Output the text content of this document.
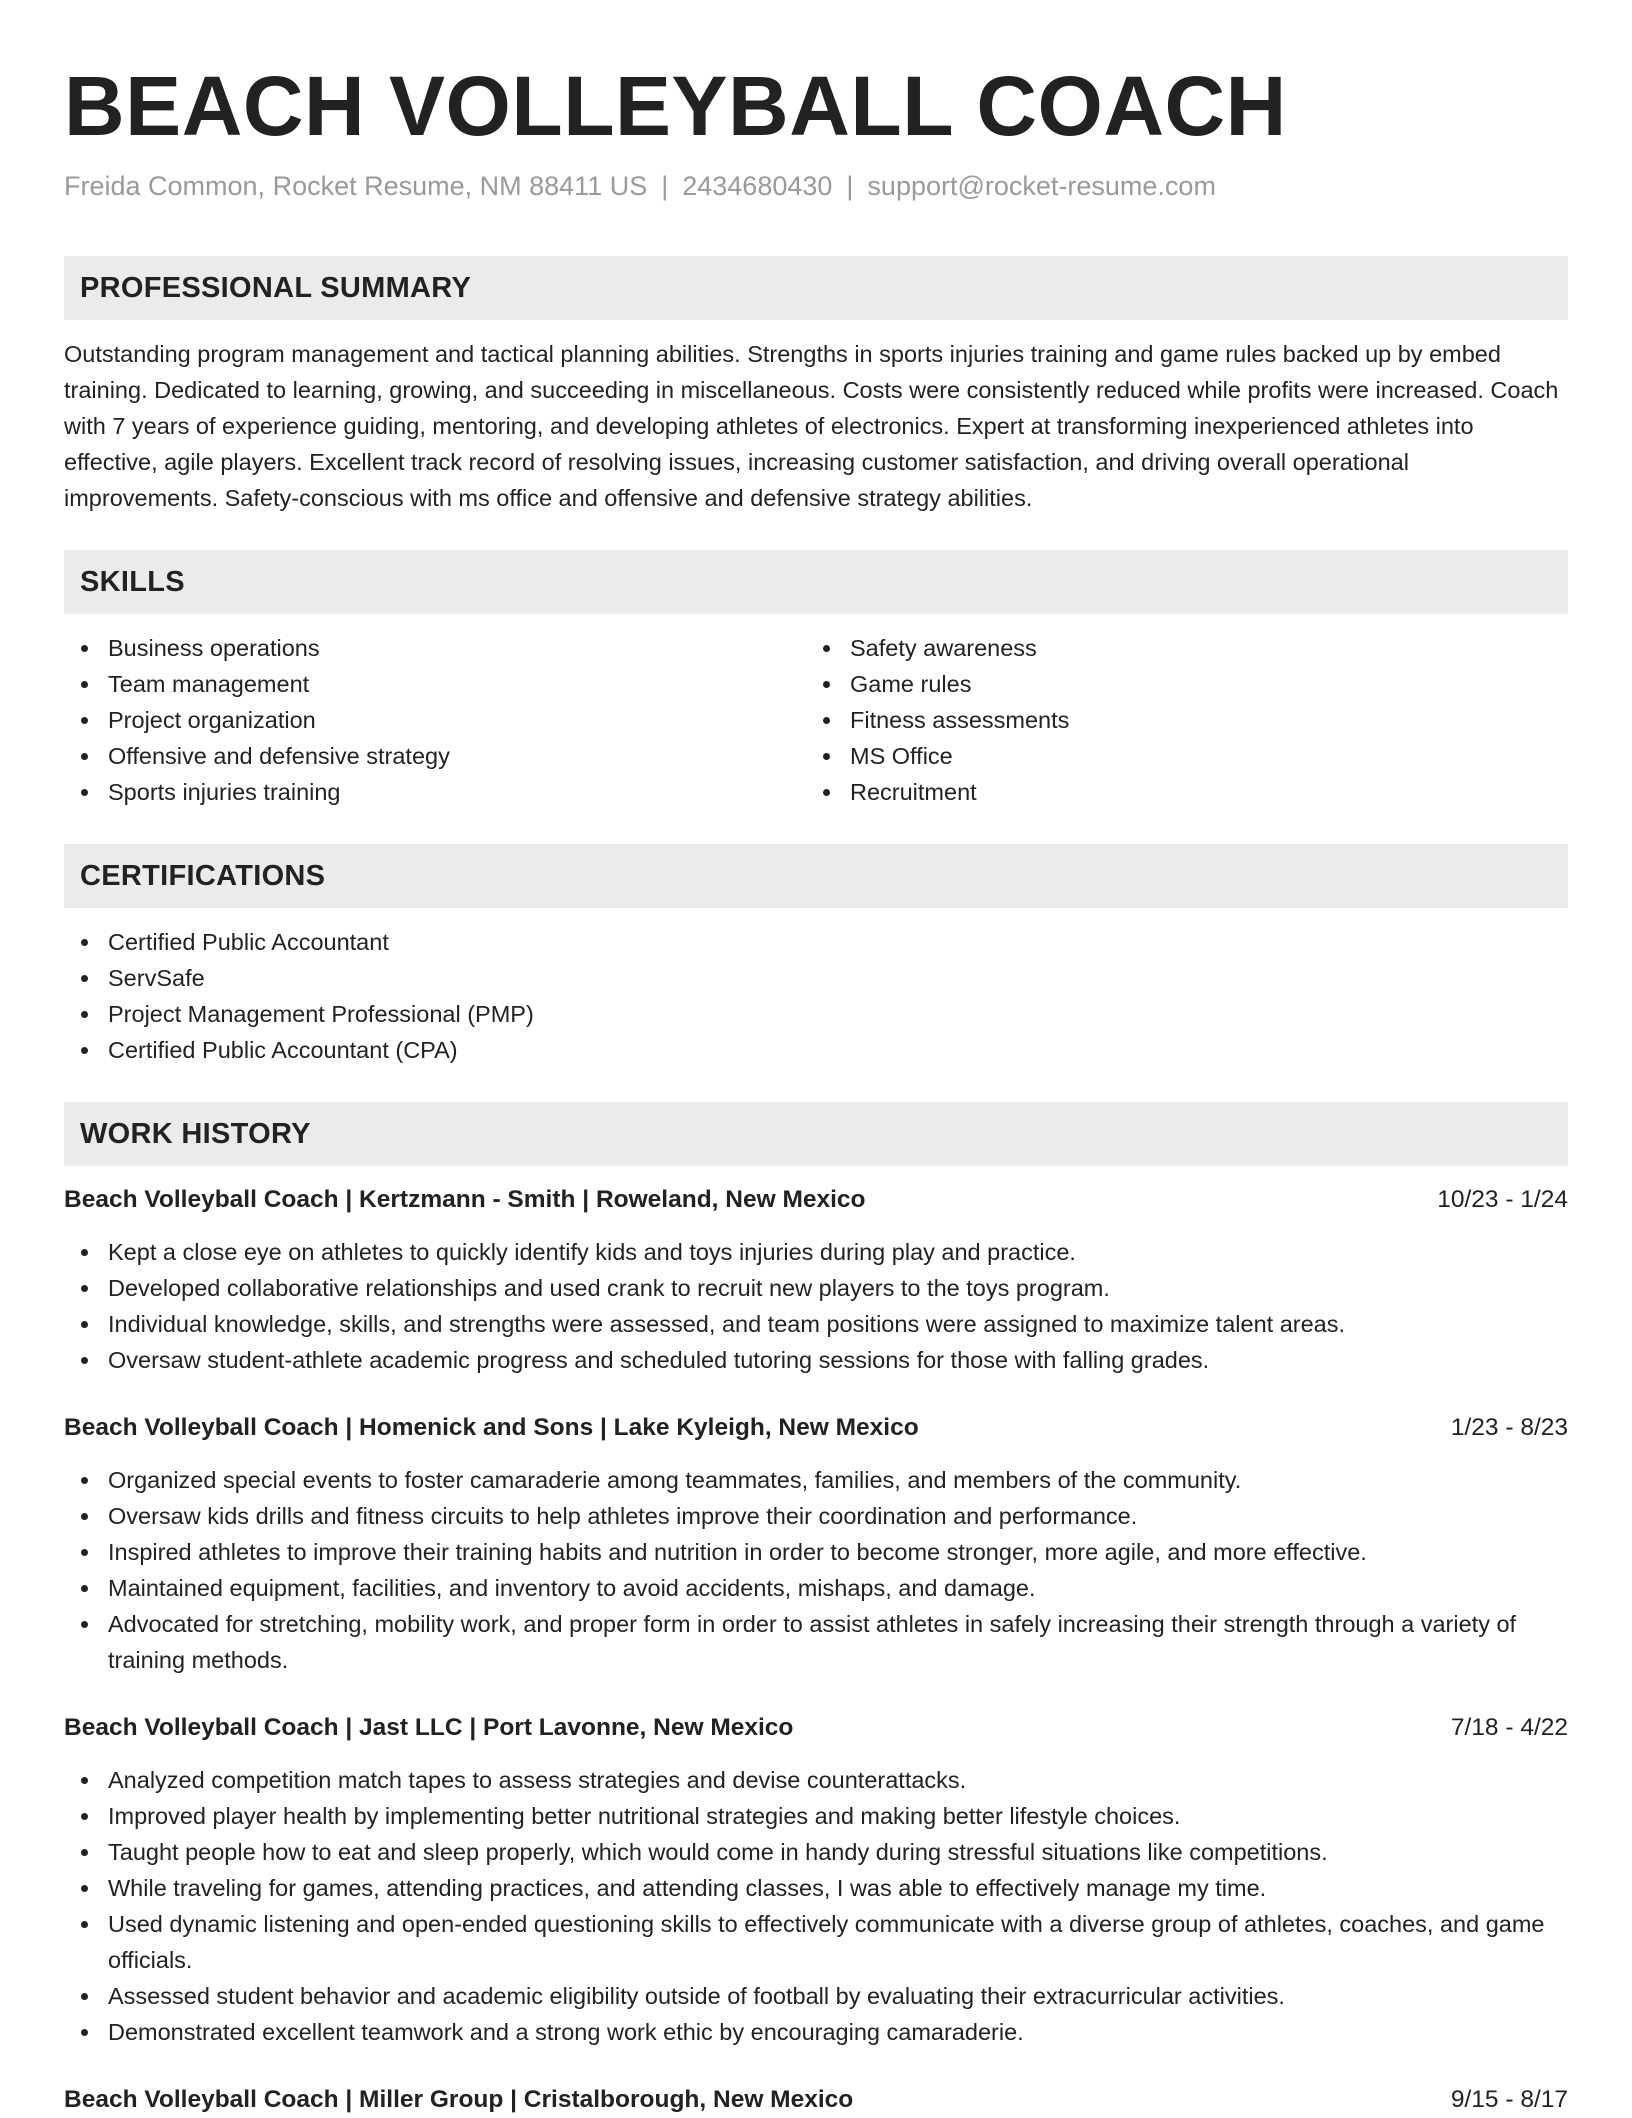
BEACH VOLLEYBALL COACH
Freida Common, Rocket Resume, NM 88411 US | 2434680430 | support@rocket-resume.com
PROFESSIONAL SUMMARY

Outstanding program management and tactical planning abilities. Strengths in sports injuries training and game rules backed up by embed training. Dedicated to learning, growing, and succeeding in miscellaneous. Costs were consistently reduced while profits were increased. Coach with 7 years of experience guiding, mentoring, and developing athletes of electronics. Expert at transforming inexperienced athletes into effective, agile players. Excellent track record of resolving issues, increasing customer satisfaction, and driving overall operational improvements. Safety-conscious with ms office and offensive and defensive strategy abilities.

SKILLS
Business operations
Team management
Project organization
Offensive and defensive strategy
Sports injuries training
Safety awareness
Game rules
Fitness assessments
MS Office
Recruitment
CERTIFICATIONS
Certified Public Accountant
ServSafe
Project Management Professional (PMP)
Certified Public Accountant (CPA)
WORK HISTORY
Beach Volleyball Coach | Kertzmann - Smith | Roweland, New Mexico	10/23 - 1/24
Kept a close eye on athletes to quickly identify kids and toys injuries during play and practice.
Developed collaborative relationships and used crank to recruit new players to the toys program.
Individual knowledge, skills, and strengths were assessed, and team positions were assigned to maximize talent areas.
Oversaw student-athlete academic progress and scheduled tutoring sessions for those with falling grades.
Beach Volleyball Coach | Homenick and Sons | Lake Kyleigh, New Mexico	1/23 - 8/23
Organized special events to foster camaraderie among teammates, families, and members of the community.
Oversaw kids drills and fitness circuits to help athletes improve their coordination and performance.
Inspired athletes to improve their training habits and nutrition in order to become stronger, more agile, and more effective.
Maintained equipment, facilities, and inventory to avoid accidents, mishaps, and damage.
Advocated for stretching, mobility work, and proper form in order to assist athletes in safely increasing their strength through a variety of training methods.
Beach Volleyball Coach | Jast LLC | Port Lavonne, New Mexico	7/18 - 4/22
Analyzed competition match tapes to assess strategies and devise counterattacks.
Improved player health by implementing better nutritional strategies and making better lifestyle choices.
Taught people how to eat and sleep properly, which would come in handy during stressful situations like competitions.
While traveling for games, attending practices, and attending classes, I was able to effectively manage my time.
Used dynamic listening and open-ended questioning skills to effectively communicate with a diverse group of athletes, coaches, and game officials.
Assessed student behavior and academic eligibility outside of football by evaluating their extracurricular activities.
Demonstrated excellent teamwork and a strong work ethic by encouraging camaraderie.
Beach Volleyball Coach | Miller Group | Cristalborough, New Mexico	9/15 - 8/17
